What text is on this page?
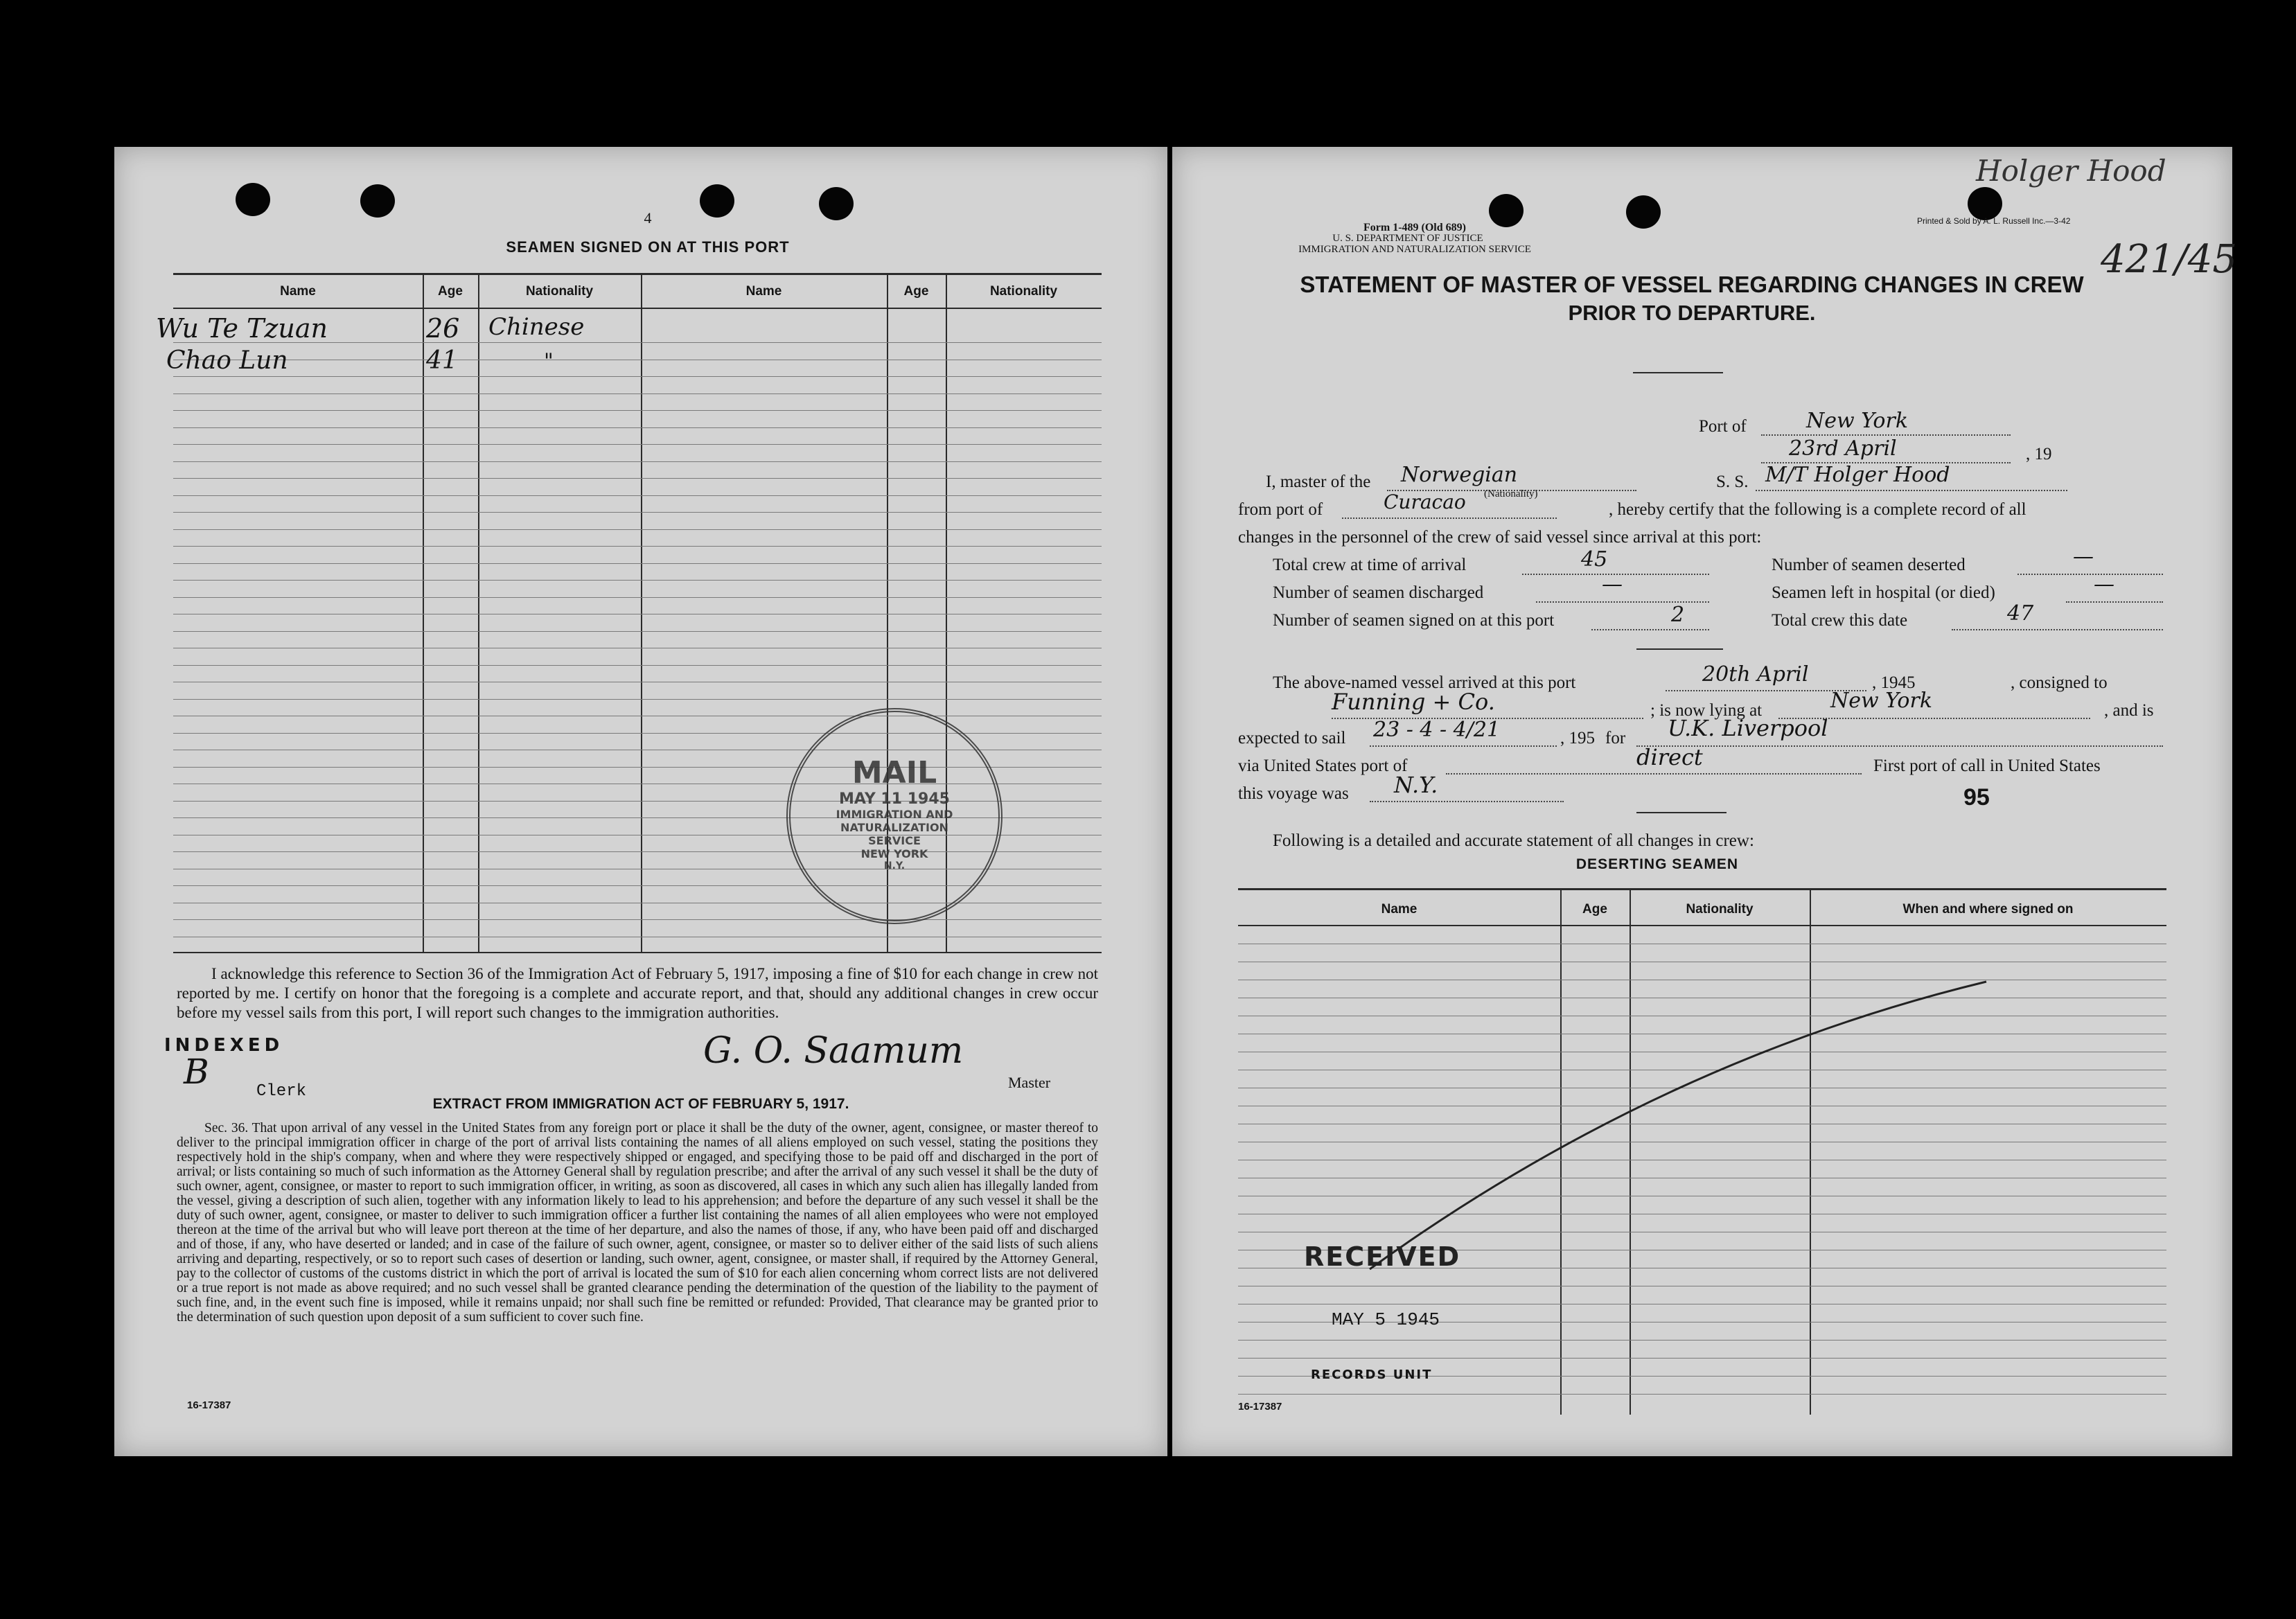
4
SEAMEN SIGNED ON AT THIS PORT
Name	Age	Nationality	Name	Age	Nationality
Wu Te Tzuan	26 Chinese
Chao Lun	41	"
MAIL
MAY 11 1945
IMMIGRATION AND
NATURALIZATION
SERVICE
NEW YORK
N.Y.
I acknowledge this reference to Section 36 of the Immigration Act of February 5, 1917, imposing a fine of $10 for each change in crew not reported by me. I certify on honor that the foregoing is a complete and accurate report, and that, should any additional changes in crew occur before my vessel sails from this port, I will report such changes to the immigration authorities.
INDEXED
B	Clerk
G. O. Saamum
Master
EXTRACT FROM IMMIGRATION ACT OF FEBRUARY 5, 1917.
Sec. 36. That upon arrival of any vessel in the United States from any foreign port or place it shall be the duty of the owner, agent, consignee, or master thereof to deliver to the principal immigration officer in charge of the port of arrival lists containing the names of all aliens employed on such vessel, stating the positions they respectively hold in the ship's company, when and where they were respectively shipped or engaged, and specifying those to be paid off and discharged in the port of arrival; or lists containing so much of such information as the Attorney General shall by regulation prescribe; and after the arrival of any such vessel it shall be the duty of such owner, agent, consignee, or master to report to such immigration officer, in writing, as soon as discovered, all cases in which any such alien has illegally landed from the vessel, giving a description of such alien, together with any information likely to lead to his apprehension; and before the departure of any such vessel it shall be the duty of such owner, agent, consignee, or master to deliver to such immigration officer a further list containing the names of all alien employees who were not employed thereon at the time of the arrival but who will leave port thereon at the time of her departure, and also the names of those, if any, who have been paid off and discharged and of those, if any, who have deserted or landed; and in case of the failure of such owner, agent, consignee, or master so to deliver either of the said lists of such aliens arriving and departing, respectively, or so to report such cases of desertion or landing, such owner, agent, consignee, or master shall, if required by the Attorney General, pay to the collector of customs of the customs district in which the port of arrival is located the sum of $10 for each alien concerning whom correct lists are not delivered or a true report is not made as above required; and no such vessel shall be granted clearance pending the determination of the question of the liability to the payment of such fine, and, in the event such fine is imposed, while it remains unpaid; nor shall such fine be remitted or refunded: Provided, That clearance may be granted prior to the determination of such question upon deposit of a sum sufficient to cover such fine.
16-17387
Holger Hood
421/45
Form 1-489 (Old 689)
U. S. DEPARTMENT OF JUSTICE
IMMIGRATION AND NATURALIZATION SERVICE
Printed & Sold by A. L. Russell Inc.—3-42
STATEMENT OF MASTER OF VESSEL REGARDING CHANGES IN CREW
PRIOR TO DEPARTURE.
Port of	New York
23rd April	, 19
I, master of the Norwegian
(Nationality)
S. S. M/T Holger Hood
from port of	Curacao	, hereby certify that the following is a complete record of all
changes in the personnel of the crew of said vessel since arrival at this port:
Total crew at time of arrival	45	Number of seamen deserted	—
Number of seamen discharged	—	Seamen left in hospital (or died)	—
Number of seamen signed on at this port	2	Total crew this date	47
The above-named vessel arrived at this port	20th April	, 1945	, consigned to
Funning + Co.	; is now lying at	New York	, and is
expected to sail 23 - 4 - 4/21	, 195 for U.K. Liverpool
via United States port of	direct	First port of call in United States
this voyage was N.Y.	95
Following is a detailed and accurate statement of all changes in crew:
DESERTING SEAMEN
Name	Age	Nationality	When and where signed on
RECEIVED
MAY 5 1945
RECORDS UNIT
16-17387
